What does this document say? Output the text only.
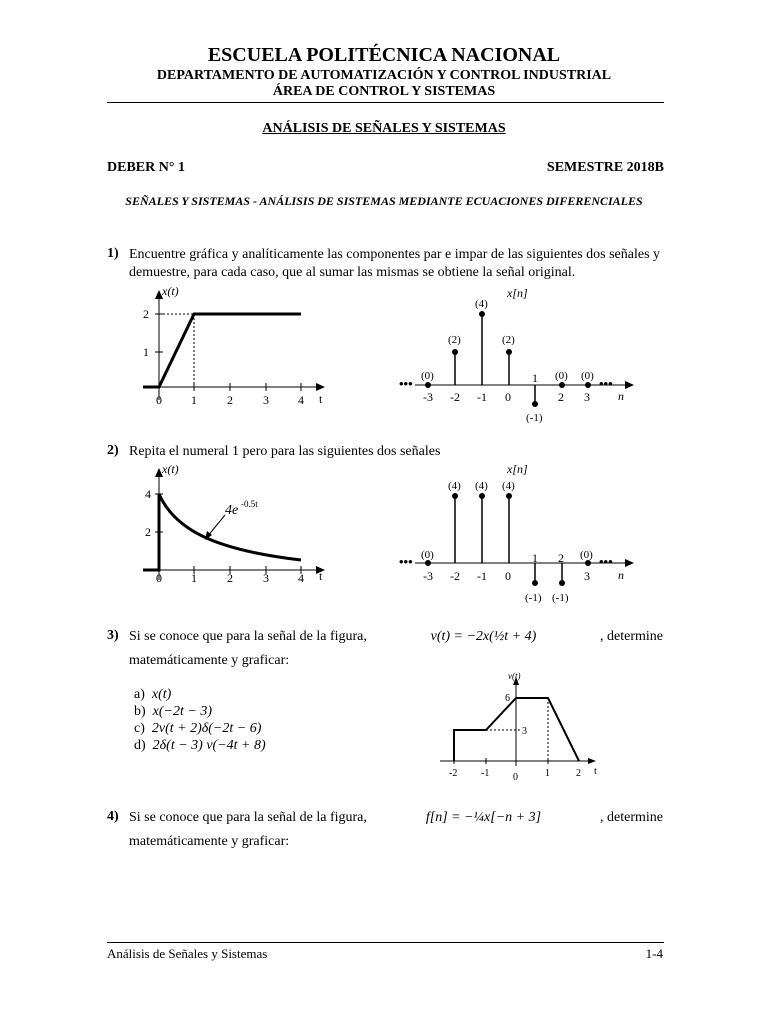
ESCUELA POLITÉCNICA NACIONAL
DEPARTAMENTO DE AUTOMATIZACIÓN Y CONTROL INDUSTRIAL
ÁREA DE CONTROL Y SISTEMAS
ANÁLISIS DE SEÑALES Y SISTEMAS
DEBER N° 1	SEMESTRE 2018B
SEÑALES Y SISTEMAS - ANÁLISIS DE SISTEMAS MEDIANTE ECUACIONES DIFERENCIALES
1) Encuentre gráfica y analíticamente las componentes par e impar de las siguientes dos señales y
demuestre, para cada caso, que al sumar las mismas se obtiene la señal original.
x(t)
t
1
2
0 1	2	3 4
•••	•••
x[n]
n
(0)
(2)
(4)
(2)
(-1)
(0) (0)
-3 -2 -1 0
1
2 3
2) Repita el numeral 1 pero para las siguientes dos señales
x(t)
t
2
4
0 1	2	3 4
4e -0.5t
•••	•••
x[n]
n
(0)
(4) (4) (4)
(-1) (-1)
(0)
-3 -2 -1 0
1 2
3
3) Si se conoce que para la señal de la figura,	v(t) = −2x(½t + 4)	, determine
matemáticamente y graficar:
a) x(t)
b) x(−2t − 3)
c) 2v(t + 2)δ(−2t − 6)
d) 2δ(t − 3) v(−4t + 8)
v(t)
t
6
3
-2 -1 0	1	2
4) Si se conoce que para la señal de la figura,	f[n] = −¼x[−n + 3]	, determine
matemáticamente y graficar:
Análisis de Señales y Sistemas	1-4
